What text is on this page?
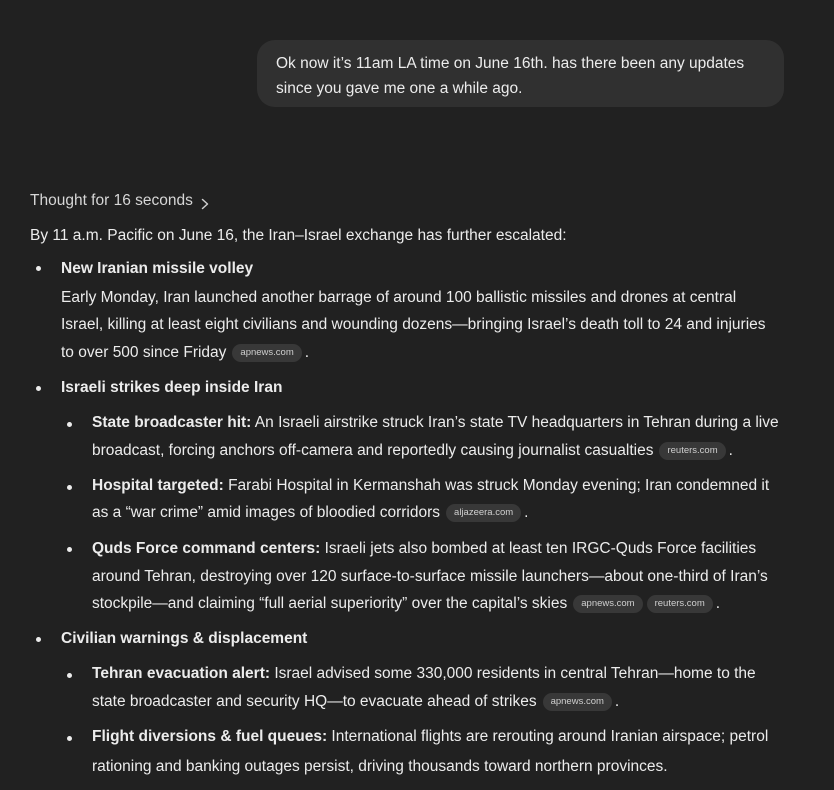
Ok now it’s 11am LA time on June 16th. has there been any updates
since you gave me one a while ago.
Thought for 16 seconds
By 11 a.m. Pacific on June 16, the Iran–Israel exchange has further escalated:
New Iranian missile volley
Early Monday, Iran launched another barrage of around 100 ballistic missiles and drones at central
Israel, killing at least eight civilians and wounding dozens—bringing Israel’s death toll to 24 and injuries
to over 500 since Friday apnews.com .
Israeli strikes deep inside Iran
State broadcaster hit: An Israeli airstrike struck Iran’s state TV headquarters in Tehran during a live
broadcast, forcing anchors off-camera and reportedly causing journalist casualties reuters.com .
Hospital targeted: Farabi Hospital in Kermanshah was struck Monday evening; Iran condemned it
as a “war crime” amid images of bloodied corridors aljazeera.com .
Quds Force command centers: Israeli jets also bombed at least ten IRGC-Quds Force facilities
around Tehran, destroying over 120 surface-to-surface missile launchers—about one-third of Iran’s
stockpile—and claiming “full aerial superiority” over the capital’s skies apnews.com reuters.com .
Civilian warnings & displacement
Tehran evacuation alert: Israel advised some 330,000 residents in central Tehran—home to the
state broadcaster and security HQ—to evacuate ahead of strikes apnews.com .
Flight diversions & fuel queues: International flights are rerouting around Iranian airspace; petrol
rationing and banking outages persist, driving thousands toward northern provinces.
